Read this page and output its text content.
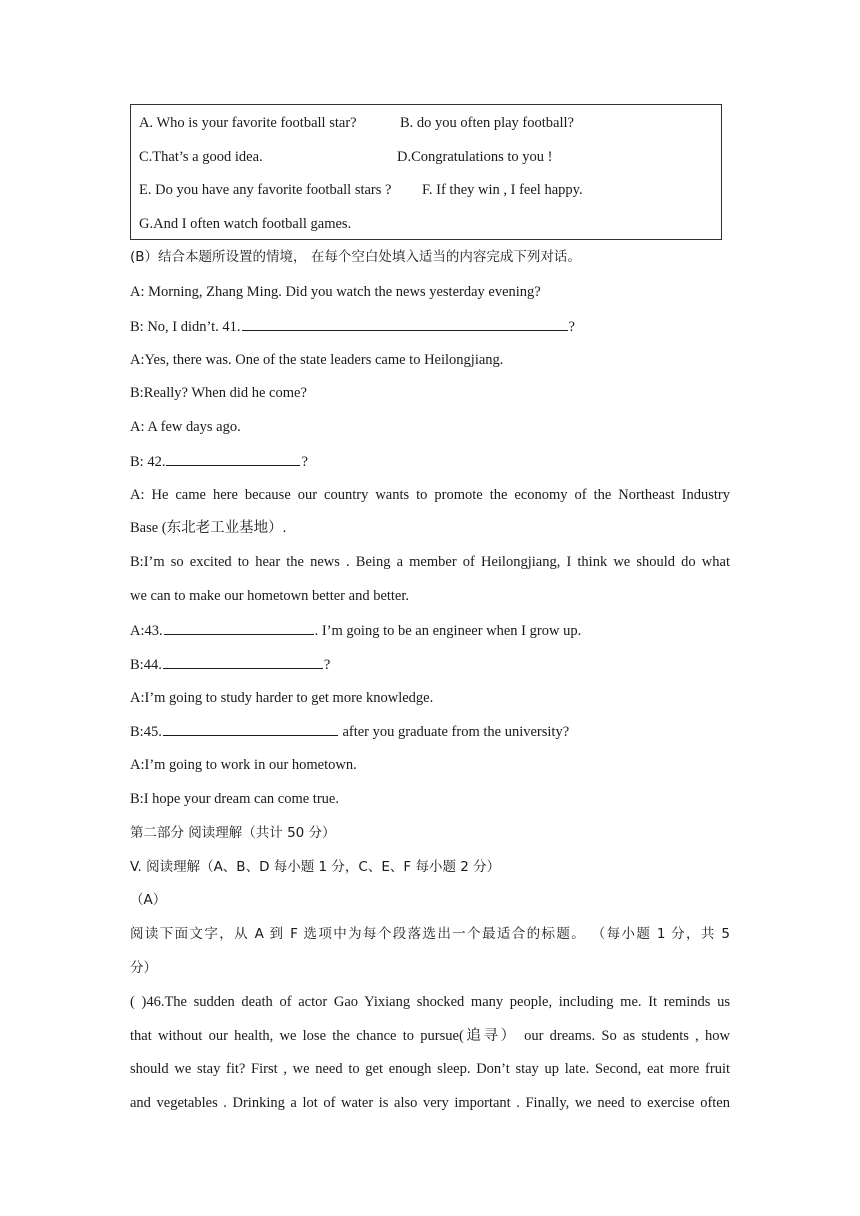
A. Who is your favorite football star?	B. do you often play football?
C.That’s a good idea.	D.Congratulations to you !
E. Do you have any favorite football stars ? F. If they win , I feel happy.
G.And I often watch football games.
(B）结合本题所设置的情境， 在每个空白处填入适当的内容完成下列对话。
A: Morning, Zhang Ming. Did you watch the news yesterday evening?
B: No, I didn’t. 41.	?
A:Yes, there was. One of the state leaders came to Heilongjiang.
B:Really? When did he come?
A: A few days ago.
B: 42.	?
A: He came here because our country wants to promote the economy of the Northeast Industry
Base (东北老工业基地）.
B:I’m so excited to hear the news . Being a member of Heilongjiang, I think we should do what
we can to make our hometown better and better.
A:43.	. I’m going to be an engineer when I grow up.
B:44.	?
A:I’m going to study harder to get more knowledge.
B:45.	after you graduate from the university?
A:I’m going to work in our hometown.
B:I hope your dream can come true.
第二部分 阅读理解（共计 50 分）
V. 阅读理解（A、B、D 每小题 1 分，C、E、F 每小题 2 分）
（A）
阅读下面文字，从 A 到 F 选项中为每个段落选出一个最适合的标题。 （每小题 1 分，共 5
分）
( )46.The sudden death of actor Gao Yixiang shocked many people, including me. It reminds us
that without our health, we lose the chance to pursue(追寻） our dreams. So as students , how
should we stay fit? First , we need to get enough sleep. Don’t stay up late. Second, eat more fruit
and vegetables . Drinking a lot of water is also very important . Finally, we need to exercise often
